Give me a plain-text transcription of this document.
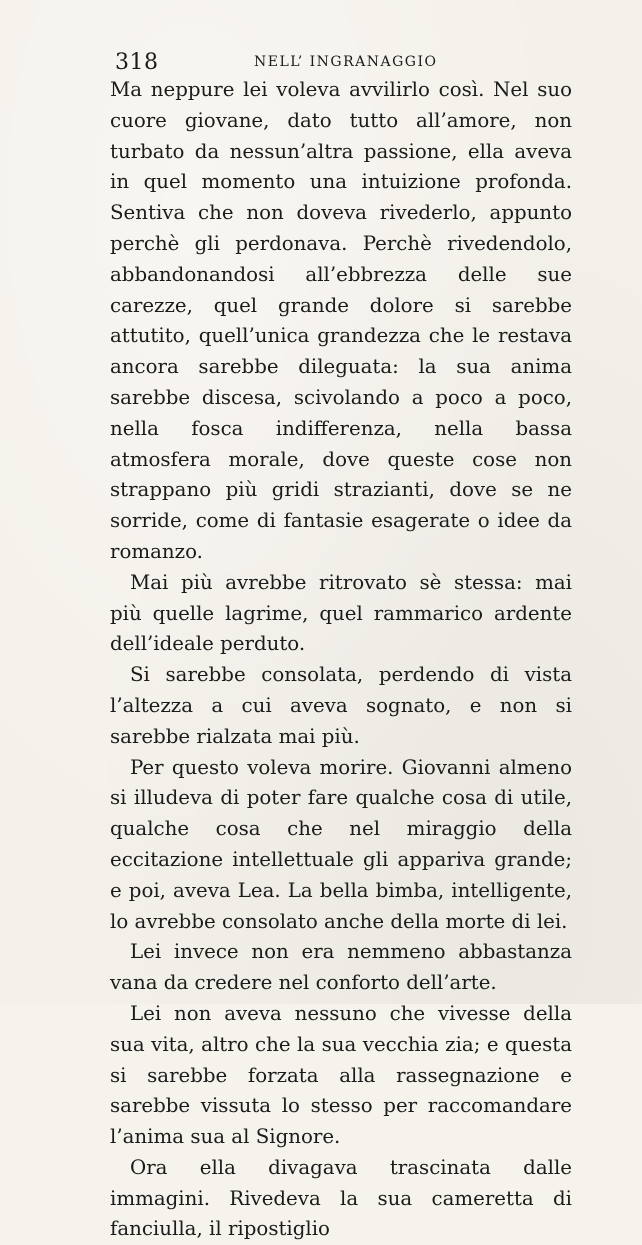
318	NELL’ INGRANAGGIO

Ma neppure lei voleva avvilirlo così. Nel suo cuore giovane, dato tutto all’amore, non turbato da nessun’altra passione, ella aveva in quel momento una intuizione profonda. Sentiva che non doveva rivederlo, appunto perchè gli perdonava. Perchè rivedendolo, abbandonandosi all’ebbrezza delle sue carezze, quel grande dolore si sarebbe attutito, quell’unica grandezza che le restava ancora sarebbe dileguata: la sua anima sarebbe discesa, scivolando a poco a poco, nella fosca indifferenza, nella bassa atmosfera morale, dove queste cose non strappano più gridi strazianti, dove se ne sorride, come di fantasie esagerate o idee da romanzo.

Mai più avrebbe ritrovato sè stessa: mai più quelle lagrime, quel rammarico ardente dell’ideale perduto.

Si sarebbe consolata, perdendo di vista l’altezza a cui aveva sognato, e non si sarebbe rialzata mai più.

Per questo voleva morire. Giovanni almeno si illudeva di poter fare qualche cosa di utile, qualche cosa che nel miraggio della eccitazione intellettuale gli appariva grande; e poi, aveva Lea. La bella bimba, intelligente, lo avrebbe consolato anche della morte di lei.

Lei invece non era nemmeno abbastanza vana da credere nel conforto dell’arte.

Lei non aveva nessuno che vivesse della sua vita, altro che la sua vecchia zia; e questa si sarebbe forzata alla rassegnazione e sarebbe vissuta lo stesso per raccomandare l’anima sua al Signore.

Ora ella divagava trascinata dalle immagini. Rivedeva la sua cameretta di fanciulla, il ripostiglio
